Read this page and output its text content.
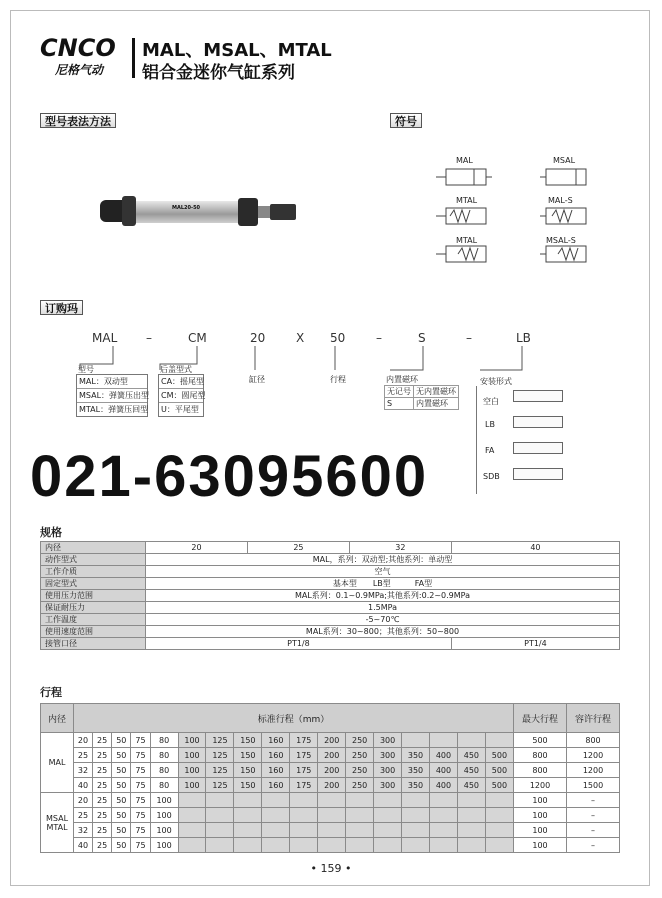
CNCO
尼格气动
MAL、MSAL、MTAL
铝合金迷你气缸系列
型号表法方法	符号
订购玛
MAL20-50
MAL	MSAL
MTAL	MAL-S
MTAL	MSAL-S
MAL –	CM	20	X 50	–	S	–	LB
型号
MAL：双动型
MSAL：弹簧压出型
MTAL：弹簧压回型
后盖型式
CA：摇尾型
CM：圆尾型
U：平尾型
缸径	行程	内置磁环
无记号	无内置磁环
S	内置磁环
安装形式
空白
LB
FA
SDB
021-63095600
规格
内径	20	25	32	40
动作型式	MAL，系列：双动型;其他系列：单动型			
工作介质	空气			
固定型式	基本型　　LB型　　　FA型			
使用压力范围	MAL系列：0.1~0.9MPa;其他系列:0.2~0.9MPa			
保证耐压力	1.5MPa			
工作温度	-5~70℃			
使用速度范围	MAL系列：30~800；其他系列：50~800			
接管口径	PT1/8			PT1/4
行程
内径	标准行程（mm）																	最大行程	容许行程
MAL	20	25	50	75	80	100	125	150	160	175	200	250	300					500	800
	25	25	50	75	80	100	125	150	160	175	200	250	300	350	400	450	500	800	1200
	32	25	50	75	80	100	125	150	160	175	200	250	300	350	400	450	500	800	1200
	40	25	50	75	80	100	125	150	160	175	200	250	300	350	400	450	500	1200	1500
MSAL
MTAL	20	25	50	75	100													100	–
	25	25	50	75	100													100	–
	32	25	50	75	100													100	–
	40	25	50	75	100													100	–
• 159 •
